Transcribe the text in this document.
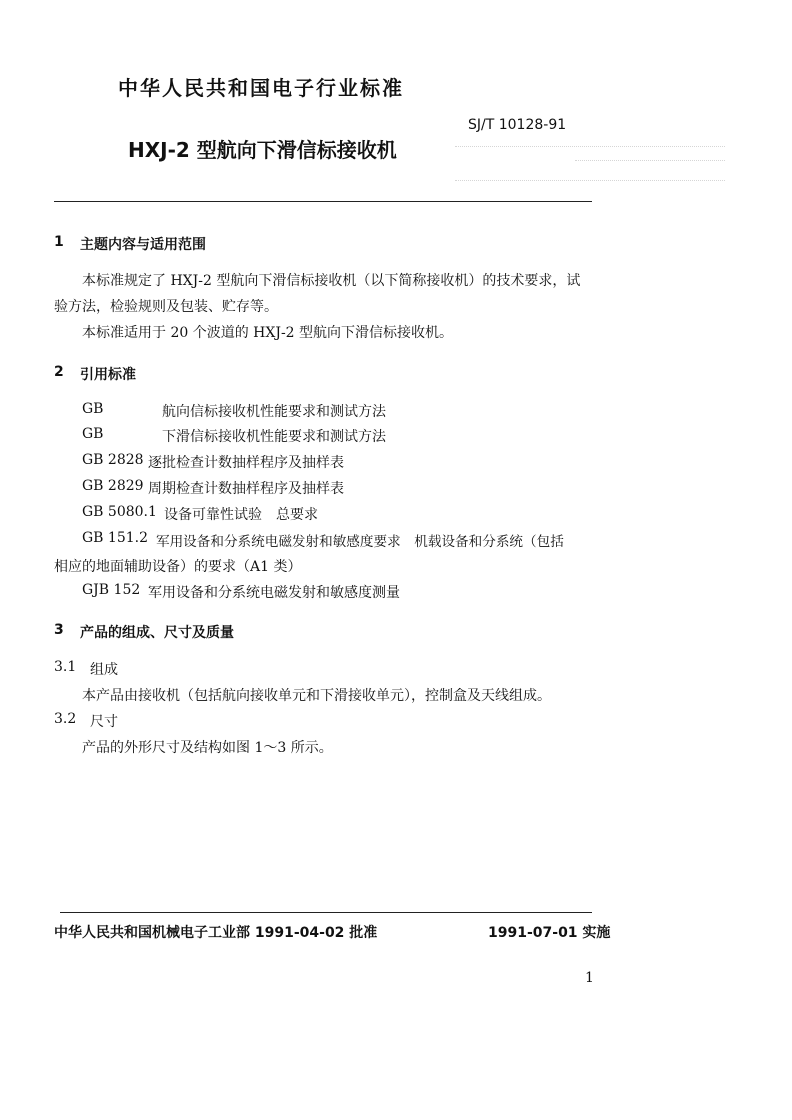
中华人民共和国电子行业标准
SJ/T 10128-91
HXJ-2 型航向下滑信标接收机
1 主题内容与适用范围
本标准规定了 HXJ-2 型航向下滑信标接收机（以下简称接收机）的技术要求，试
验方法，检验规则及包装、贮存等。
本标准适用于 20 个波道的 HXJ-2 型航向下滑信标接收机。
2 引用标准
GB	航向信标接收机性能要求和测试方法
GB	下滑信标接收机性能要求和测试方法
GB 2828 逐批检查计数抽样程序及抽样表
GB 2829 周期检查计数抽样程序及抽样表
GB 5080.1 设备可靠性试验　总要求
GB 151.2 军用设备和分系统电磁发射和敏感度要求　机载设备和分系统（包括
相应的地面辅助设备）的要求（A1 类）
GJB 152 军用设备和分系统电磁发射和敏感度测量
3 产品的组成、尺寸及质量
3.1 组成
本产品由接收机（包括航向接收单元和下滑接收单元），控制盒及天线组成。
3.2 尺寸
产品的外形尺寸及结构如图 1～3 所示。
中华人民共和国机械电子工业部 1991-04-02 批准	1991-07-01 实施
1
